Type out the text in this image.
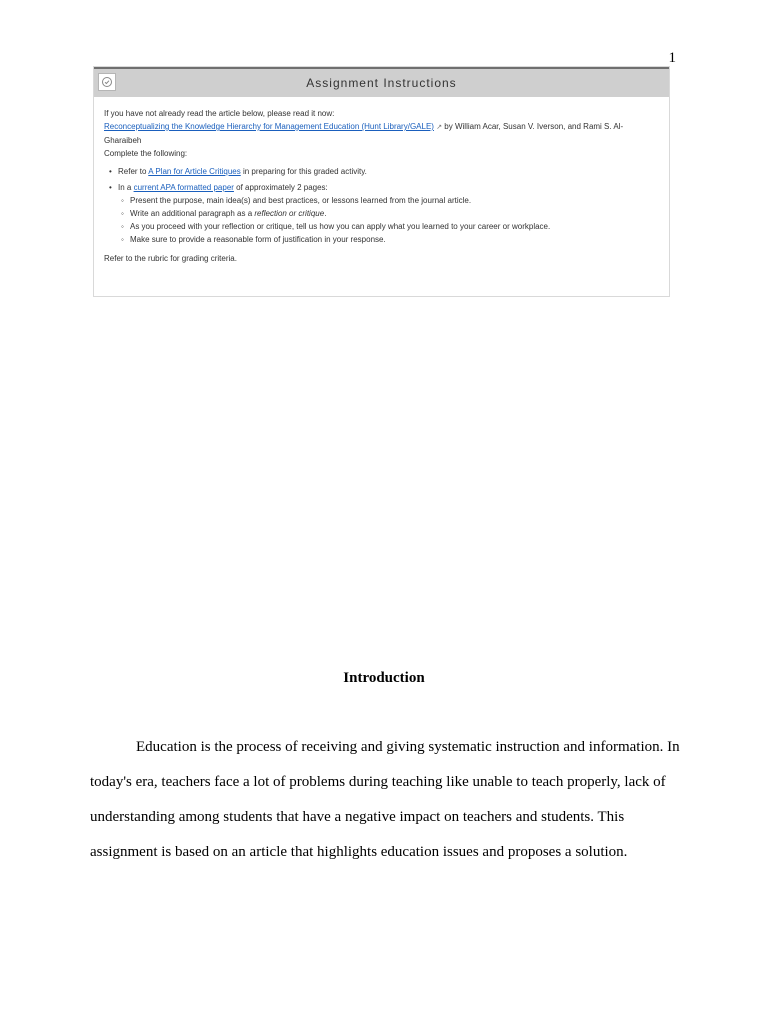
1
Assignment Instructions

If you have not already read the article below, please read it now:

Reconceptualizing the Knowledge Hierarchy for Management Education (Hunt Library/GALE) ↗ by William Acar, Susan V. Iverson, and Rami S. Al-Gharaibeh

Complete the following:

• Refer to A Plan for Article Critiques in preparing for this graded activity.
• In a current APA formatted paper of approximately 2 pages:
◦ Present the purpose, main idea(s) and best practices, or lessons learned from the journal article.
◦ Write an additional paragraph as a reflection or critique.
◦ As you proceed with your reflection or critique, tell us how you can apply what you learned to your career or workplace.
◦ Make sure to provide a reasonable form of justification in your response.

Refer to the rubric for grading criteria.

Introduction

Education is the process of receiving and giving systematic instruction and information. In today's era, teachers face a lot of problems during teaching like unable to teach properly, lack of understanding among students that have a negative impact on teachers and students. This assignment is based on an article that highlights education issues and proposes a solution.
